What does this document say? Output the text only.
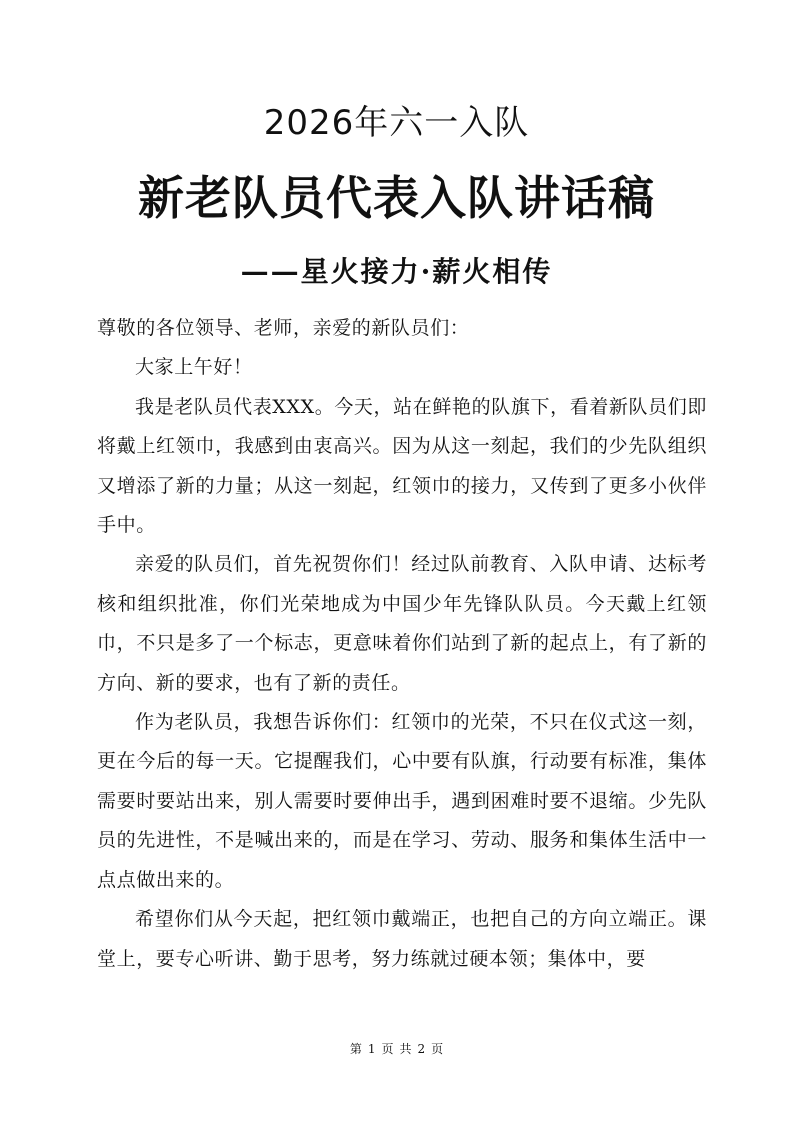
2026年六一入队
新老队员代表入队讲话稿
——星火接力·薪火相传

尊敬的各位领导、老师，亲爱的新队员们：

大家上午好！

我是老队员代表XXX。今天，站在鲜艳的队旗下，看着新队员们即将戴上红领巾，我感到由衷高兴。因为从这一刻起，我们的少先队组织又增添了新的力量；从这一刻起，红领巾的接力，又传到了更多小伙伴手中。

亲爱的队员们，首先祝贺你们！经过队前教育、入队申请、达标考核和组织批准，你们光荣地成为中国少年先锋队队员。今天戴上红领巾，不只是多了一个标志，更意味着你们站到了新的起点上，有了新的方向、新的要求，也有了新的责任。

作为老队员，我想告诉你们：红领巾的光荣，不只在仪式这一刻，更在今后的每一天。它提醒我们，心中要有队旗，行动要有标准，集体需要时要站出来，别人需要时要伸出手，遇到困难时要不退缩。少先队员的先进性，不是喊出来的，而是在学习、劳动、服务和集体生活中一点点做出来的。

希望你们从今天起，把红领巾戴端正，也把自己的方向立端正。课堂上，要专心听讲、勤于思考，努力练就过硬本领；集体中，要

第 1 页 共 2 页
